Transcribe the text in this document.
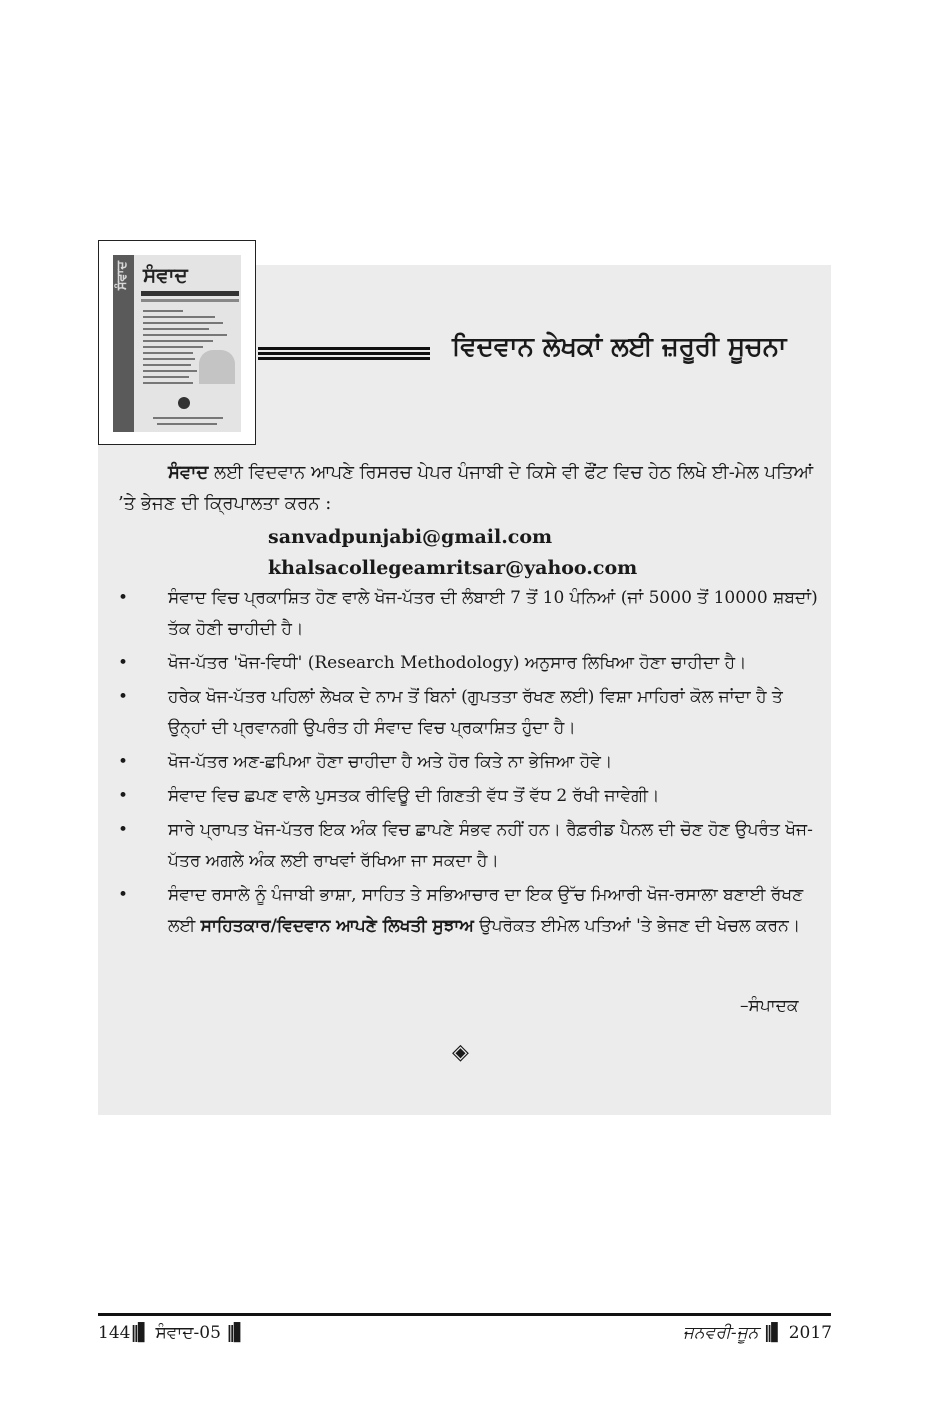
ਸੰਵਾਦ ਸੰਵਾਦ
ਵਿਦਵਾਨ ਲੇਖਕਾਂ ਲਈ ਜ਼ਰੂਰੀ ਸੂਚਨਾ

ਸੰਵਾਦ ਲਈ ਵਿਦਵਾਨ ਆਪਣੇ ਰਿਸਰਚ ਪੇਪਰ ਪੰਜਾਬੀ ਦੇ ਕਿਸੇ ਵੀ ਫੌਂਟ ਵਿਚ ਹੇਠ ਲਿਖੇ ਈ-ਮੇਲ ਪਤਿਆਂ ’ਤੇ ਭੇਜਣ ਦੀ ਕ੍ਰਿਪਾਲਤਾ ਕਰਨ :

sanvadpunjabi@gmail.com
khalsacollegeamritsar@yahoo.com
• ਸੰਵਾਦ ਵਿਚ ਪ੍ਰਕਾਸ਼ਿਤ ਹੋਣ ਵਾਲੇ ਖੋਜ-ਪੱਤਰ ਦੀ ਲੰਬਾਈ 7 ਤੋਂ 10 ਪੰਨਿਆਂ (ਜਾਂ 5000 ਤੋਂ 10000 ਸ਼ਬਦਾਂ) ਤੱਕ ਹੋਣੀ ਚਾਹੀਦੀ ਹੈ।
• ਖੋਜ-ਪੱਤਰ 'ਖੋਜ-ਵਿਧੀ' (Research Methodology) ਅਨੁਸਾਰ ਲਿਖਿਆ ਹੋਣਾ ਚਾਹੀਦਾ ਹੈ।
• ਹਰੇਕ ਖੋਜ-ਪੱਤਰ ਪਹਿਲਾਂ ਲੇਖਕ ਦੇ ਨਾਮ ਤੋਂ ਬਿਨਾਂ (ਗੁਪਤਤਾ ਰੱਖਣ ਲਈ) ਵਿਸ਼ਾ ਮਾਹਿਰਾਂ ਕੋਲ ਜਾਂਦਾ ਹੈ ਤੇ ਉਨ੍ਹਾਂ ਦੀ ਪ੍ਰਵਾਨਗੀ ਉਪਰੰਤ ਹੀ ਸੰਵਾਦ ਵਿਚ ਪ੍ਰਕਾਸ਼ਿਤ ਹੁੰਦਾ ਹੈ।
• ਖੋਜ-ਪੱਤਰ ਅਣ-ਛਪਿਆ ਹੋਣਾ ਚਾਹੀਦਾ ਹੈ ਅਤੇ ਹੋਰ ਕਿਤੇ ਨਾ ਭੇਜਿਆ ਹੋਵੇ।
• ਸੰਵਾਦ ਵਿਚ ਛਪਣ ਵਾਲੇ ਪੁਸਤਕ ਰੀਵਿਊ ਦੀ ਗਿਣਤੀ ਵੱਧ ਤੋਂ ਵੱਧ 2 ਰੱਖੀ ਜਾਵੇਗੀ।
• ਸਾਰੇ ਪ੍ਰਾਪਤ ਖੋਜ-ਪੱਤਰ ਇਕ ਅੰਕ ਵਿਚ ਛਾਪਣੇ ਸੰਭਵ ਨਹੀਂ ਹਨ। ਰੈਫ਼ਰੀਡ ਪੈਨਲ ਦੀ ਚੋਣ ਹੋਣ ਉਪਰੰਤ ਖੋਜ-ਪੱਤਰ ਅਗਲੇ ਅੰਕ ਲਈ ਰਾਖਵਾਂ ਰੱਖਿਆ ਜਾ ਸਕਦਾ ਹੈ।
• ਸੰਵਾਦ ਰਸਾਲੇ ਨੂੰ ਪੰਜਾਬੀ ਭਾਸ਼ਾ, ਸਾਹਿਤ ਤੇ ਸਭਿਆਚਾਰ ਦਾ ਇਕ ਉੱਚ ਮਿਆਰੀ ਖੋਜ-ਰਸਾਲਾ ਬਣਾਈ ਰੱਖਣ ਲਈ ਸਾਹਿਤਕਾਰ/ਵਿਦਵਾਨ ਆਪਣੇ ਲਿਖਤੀ ਸੁਝਾਅ ਉਪਰੋਕਤ ਈਮੇਲ ਪਤਿਆਂ 'ਤੇ ਭੇਜਣ ਦੀ ਖੇਚਲ ਕਰਨ।
–ਸੰਪਾਦਕ
◈
144‖▌ ਸੰਵਾਦ-05 ‖▌	ਜਨਵਰੀ-ਜੂਨ ‖▌ 2017
